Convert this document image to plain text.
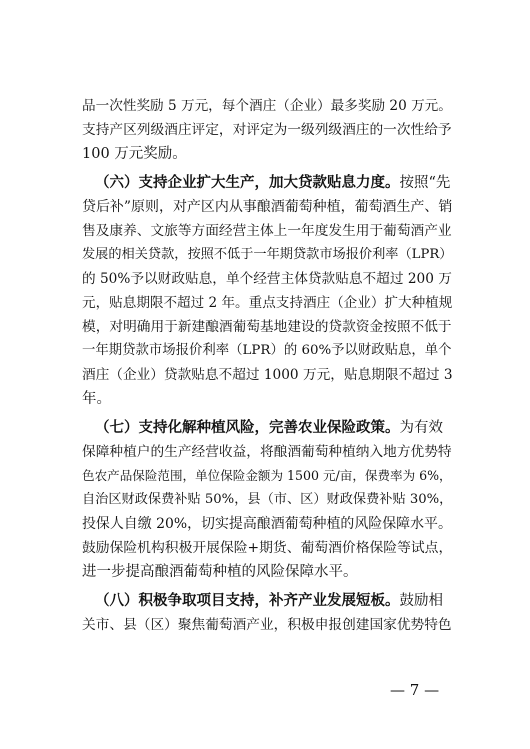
品一次性奖励 5 万元，每个酒庄（企业）最多奖励 20 万元。
支持产区列级酒庄评定，对评定为一级列级酒庄的一次性给予
100 万元奖励。
（六）支持企业扩大生产，加大贷款贴息力度。按照“先
贷后补”原则，对产区内从事酿酒葡萄种植，葡萄酒生产、销
售及康养、文旅等方面经营主体上一年度发生用于葡萄酒产业
发展的相关贷款，按照不低于一年期贷款市场报价利率（LPR）
的 50%予以财政贴息，单个经营主体贷款贴息不超过 200 万
元，贴息期限不超过 2 年。重点支持酒庄（企业）扩大种植规
模，对明确用于新建酿酒葡萄基地建设的贷款资金按照不低于
一年期贷款市场报价利率（LPR）的 60%予以财政贴息，单个
酒庄（企业）贷款贴息不超过 1000 万元，贴息期限不超过 3
年。
（七）支持化解种植风险，完善农业保险政策。为有效
保障种植户的生产经营收益，将酿酒葡萄种植纳入地方优势特
色农产品保险范围，单位保险金额为 1500 元/亩，保费率为 6%，
自治区财政保费补贴 50%，县（市、区）财政保费补贴 30%，
投保人自缴 20%，切实提高酿酒葡萄种植的风险保障水平。
鼓励保险机构积极开展保险+期货、葡萄酒价格保险等试点，
进一步提高酿酒葡萄种植的风险保障水平。
（八）积极争取项目支持，补齐产业发展短板。鼓励相
关市、县（区）聚焦葡萄酒产业，积极申报创建国家优势特色
— 7 —
